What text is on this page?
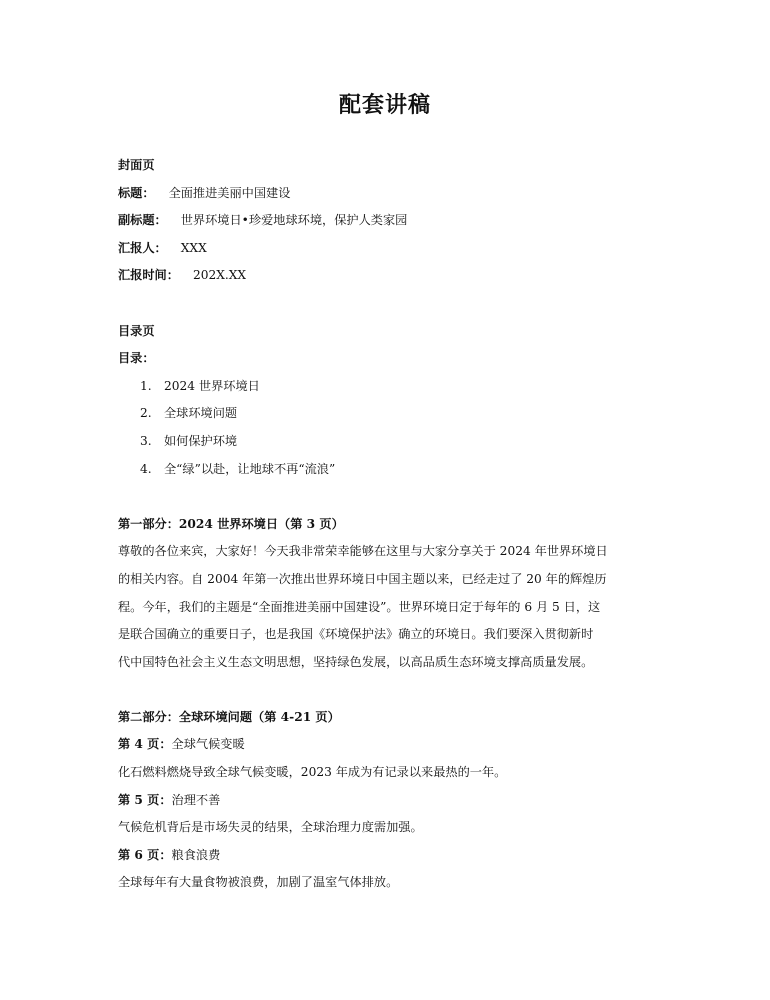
配套讲稿

封面页

标题： 全面推进美丽中国建设

副标题： 世界环境日•珍爱地球环境，保护人类家园

汇报人： XXX

汇报时间： 202X.XX

目录页

目录：

1. 2024 世界环境日
2. 全球环境问题
3. 如何保护环境
4. 全“绿”以赴，让地球不再“流浪”

第一部分：2024 世界环境日（第 3 页）

尊敬的各位来宾，大家好！今天我非常荣幸能够在这里与大家分享关于 2024 年世界环境日

的相关内容。自 2004 年第一次推出世界环境日中国主题以来，已经走过了 20 年的辉煌历

程。今年，我们的主题是“全面推进美丽中国建设”。世界环境日定于每年的 6 月 5 日，这

是联合国确立的重要日子，也是我国《环境保护法》确立的环境日。我们要深入贯彻新时

代中国特色社会主义生态文明思想，坚持绿色发展，以高品质生态环境支撑高质量发展。

第二部分：全球环境问题（第 4-21 页）

第 4 页：全球气候变暖

化石燃料燃烧导致全球气候变暖，2023 年成为有记录以来最热的一年。

第 5 页：治理不善

气候危机背后是市场失灵的结果，全球治理力度需加强。

第 6 页：粮食浪费

全球每年有大量食物被浪费，加剧了温室气体排放。
